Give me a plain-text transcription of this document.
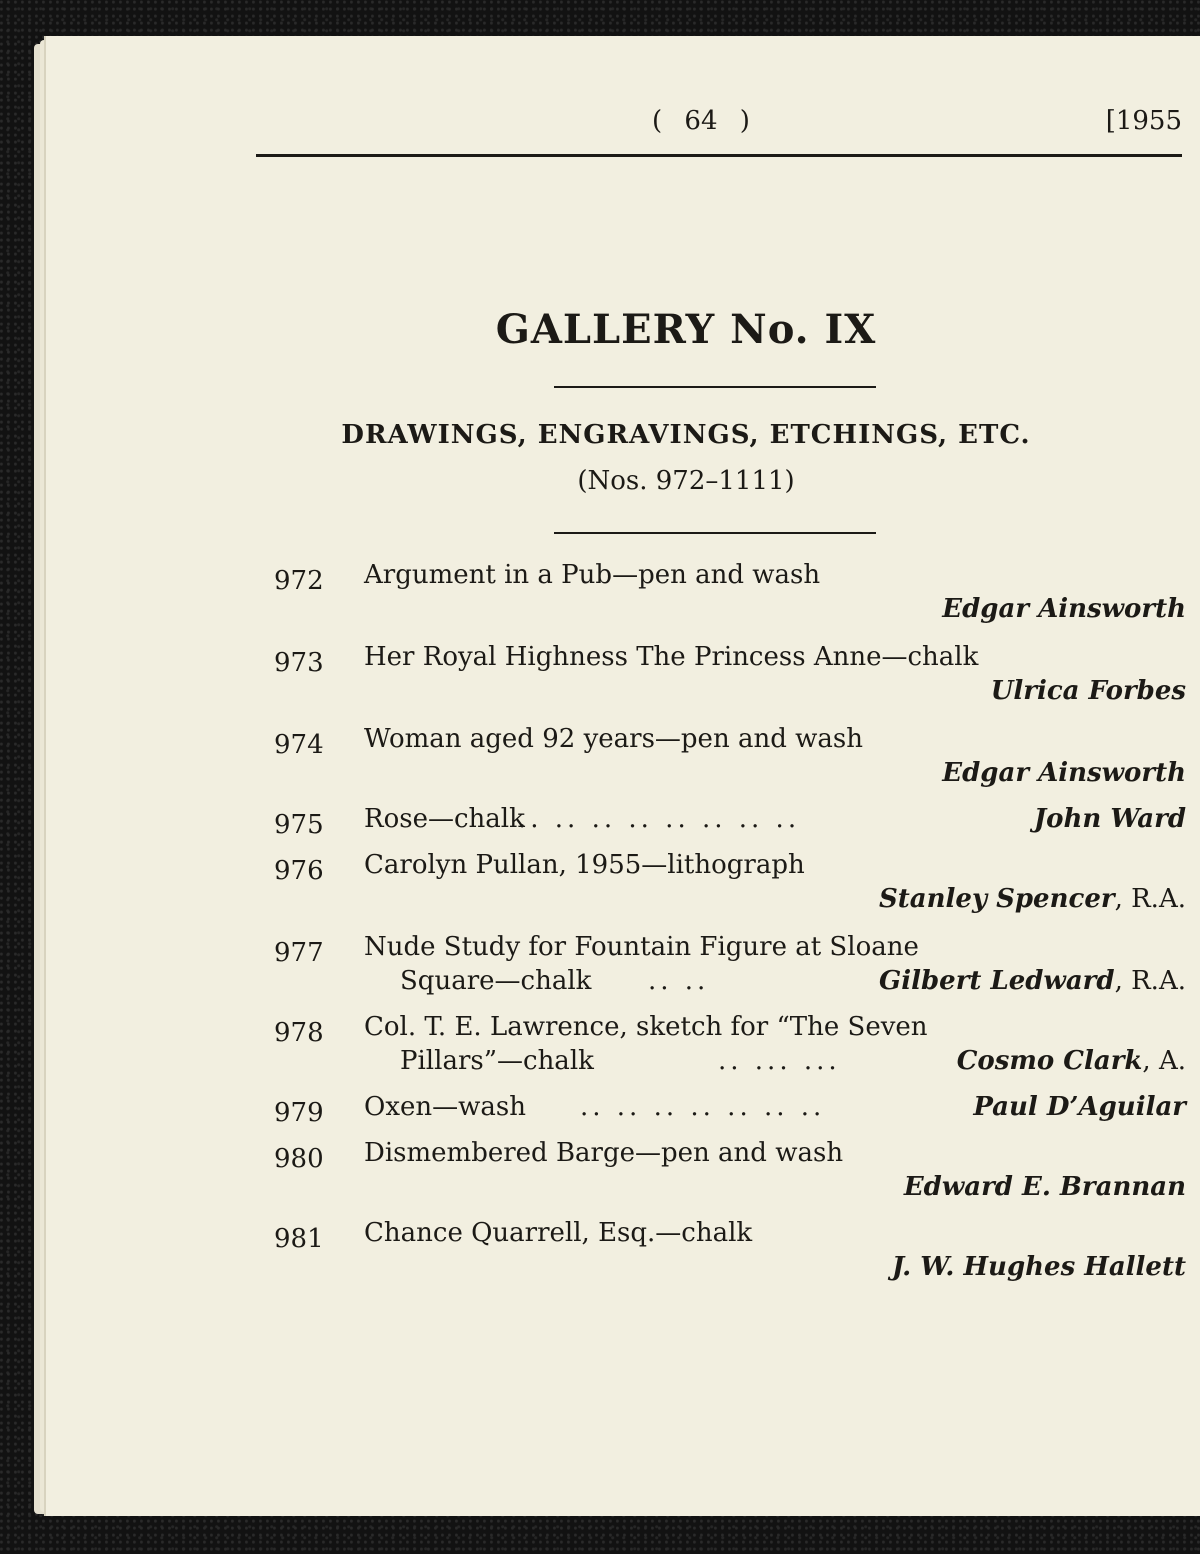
( 64 )	[1955
GALLERY No. IX
DRAWINGS, ENGRAVINGS, ETCHINGS, ETC.
(Nos. 972–1111)
972 Argument in a Pub—pen and wash
Edgar Ainsworth
973 Her Royal Highness The Princess Anne—chalk
Ulrica Forbes
974 Woman aged 92 years—pen and wash
Edgar Ainsworth
975 Rose—chalk
.. .. .. .. .. .. .. ..	John Ward
976 Carolyn Pullan, 1955—lithograph
Stanley Spencer, R.A.
977 Nude Study for Fountain Figure at Sloane
Square—chalk .. ..	Gilbert Ledward, R.A.
978 Col. T. E. Lawrence, sketch for “The Seven
Pillars”—chalk	.. ... ...	Cosmo Clark, A.
979 Oxen—wash .. .. .. .. .. .. ..	Paul D’Aguilar
980 Dismembered Barge—pen and wash
Edward E. Brannan
981 Chance Quarrell, Esq.—chalk
J. W. Hughes Hallett
